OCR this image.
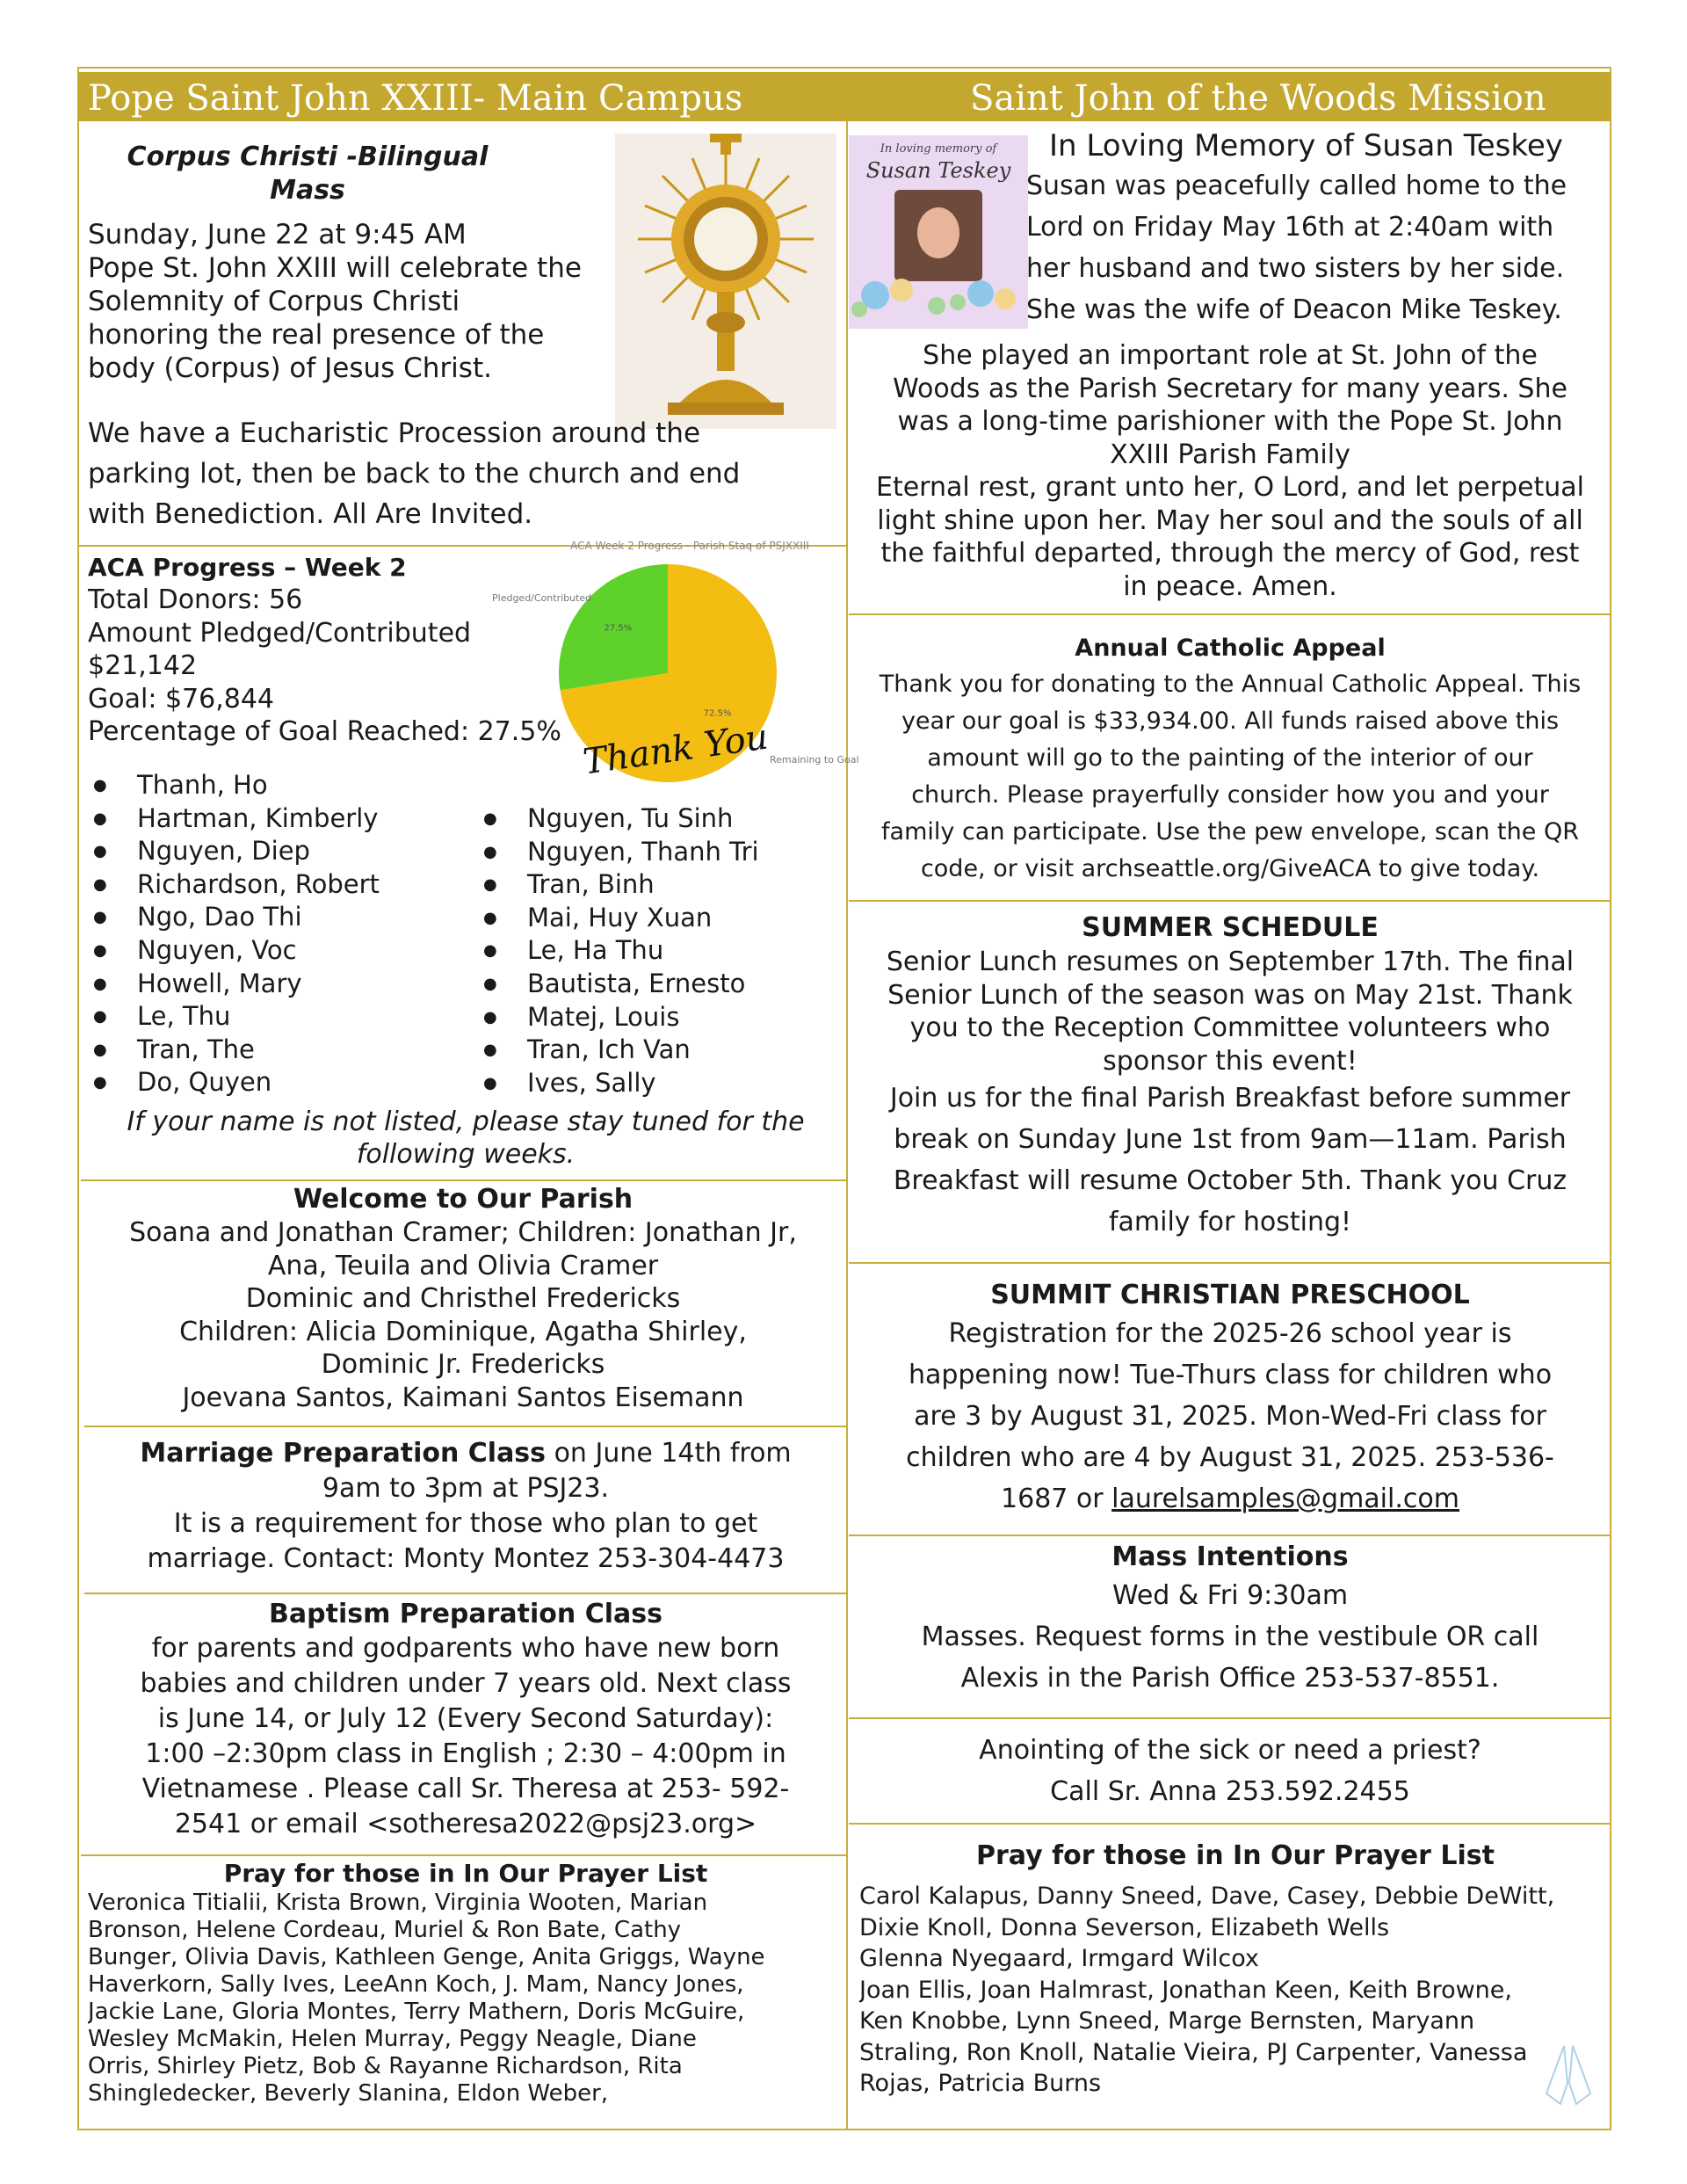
Pope Saint John XXIII- Main Campus	Saint John of the Woods Mission
Corpus Christi -Bilingual Mass

Sunday, June 22 at 9:45 AM

Pope St. John XXIII will celebrate the

Solemnity of Corpus Christi

honoring the real presence of the

body (Corpus) of Jesus Christ.

We have a Eucharistic Procession around the

parking lot, then be back to the church and end

with Benediction. All Are Invited.

ACA Progress – Week 2

Total Donors: 56

Amount Pledged/Contributed

$21,142

Goal: $76,844

Percentage of Goal Reached: 27.5%

ACA Week 2 Progress - Parish Staq of PSJXXIII
27.5%
72.5%
Pledged/Contributed
Remaining to Goal
Thank You
● Thanh, Ho
● Hartman, Kimberly
● Nguyen, Diep
● Richardson, Robert
● Ngo, Dao Thi
● Nguyen, Voc
● Howell, Mary
● Le, Thu
● Tran, The
● Do, Quyen
● Nguyen, Tu Sinh
● Nguyen, Thanh Tri
● Tran, Binh
● Mai, Huy Xuan
● Le, Ha Thu
● Bautista, Ernesto
● Matej, Louis
● Tran, Ich Van
● Ives, Sally

If your name is not listed, please stay tuned for the

following weeks.

Welcome to Our Parish

Soana and Jonathan Cramer; Children: Jonathan Jr,

Ana, Teuila and Olivia Cramer

Dominic and Christhel Fredericks

Children: Alicia Dominique, Agatha Shirley,

Dominic Jr. Fredericks

Joevana Santos, Kaimani Santos Eisemann

Marriage Preparation Class on June 14th from

9am to 3pm at PSJ23.

It is a requirement for those who plan to get

marriage. Contact: Monty Montez 253-304-4473

Baptism Preparation Class

for parents and godparents who have new born

babies and children under 7 years old. Next class

is June 14, or July 12 (Every Second Saturday):

1:00 –2:30pm class in English ; 2:30 – 4:00pm in

Vietnamese . Please call Sr. Theresa at 253- 592-

2541 or email <sotheresa2022@psj23.org>

Pray for those in In Our Prayer List

Veronica Titialii, Krista Brown, Virginia Wooten, Marian

Bronson, Helene Cordeau, Muriel & Ron Bate, Cathy

Bunger, Olivia Davis, Kathleen Genge, Anita Griggs, Wayne

Haverkorn, Sally Ives, LeeAnn Koch, J. Mam, Nancy Jones,

Jackie Lane, Gloria Montes, Terry Mathern, Doris McGuire,

Wesley McMakin, Helen Murray, Peggy Neagle, Diane

Orris, Shirley Pietz, Bob & Rayanne Richardson, Rita

Shingledecker, Beverly Slanina, Eldon Weber,

In loving memory of
Susan Teskey

In Loving Memory of Susan Teskey

Susan was peacefully called home to the

Lord on Friday May 16th at 2:40am with

her husband and two sisters by her side.

She was the wife of Deacon Mike Teskey.

She played an important role at St. John of the

Woods as the Parish Secretary for many years. She

was a long-time parishioner with the Pope St. John

XXIII Parish Family

Eternal rest, grant unto her, O Lord, and let perpetual

light shine upon her. May her soul and the souls of all

the faithful departed, through the mercy of God, rest

in peace. Amen.

Annual Catholic Appeal

Thank you for donating to the Annual Catholic Appeal. This

year our goal is $33,934.00. All funds raised above this

amount will go to the painting of the interior of our

church. Please prayerfully consider how you and your

family can participate. Use the pew envelope, scan the QR

code, or visit archseattle.org/GiveACA to give today.

SUMMER SCHEDULE

Senior Lunch resumes on September 17th. The final

Senior Lunch of the season was on May 21st. Thank

you to the Reception Committee volunteers who

sponsor this event!

Join us for the final Parish Breakfast before summer

break on Sunday June 1st from 9am—11am. Parish

Breakfast will resume October 5th. Thank you Cruz

family for hosting!

SUMMIT CHRISTIAN PRESCHOOL

Registration for the 2025-26 school year is

happening now! Tue-Thurs class for children who

are 3 by August 31, 2025. Mon-Wed-Fri class for

children who are 4 by August 31, 2025. 253-536-

1687 or laurelsamples@gmail.com

Mass Intentions

Wed & Fri 9:30am

Masses. Request forms in the vestibule OR call

Alexis in the Parish Office 253-537-8551.

Anointing of the sick or need a priest?

Call Sr. Anna 253.592.2455

Pray for those in In Our Prayer List

Carol Kalapus, Danny Sneed, Dave, Casey, Debbie DeWitt,

Dixie Knoll, Donna Severson, Elizabeth Wells

Glenna Nyegaard, Irmgard Wilcox

Joan Ellis, Joan Halmrast, Jonathan Keen, Keith Browne,

Ken Knobbe, Lynn Sneed, Marge Bernsten, Maryann

Straling, Ron Knoll, Natalie Vieira, PJ Carpenter, Vanessa

Rojas, Patricia Burns
